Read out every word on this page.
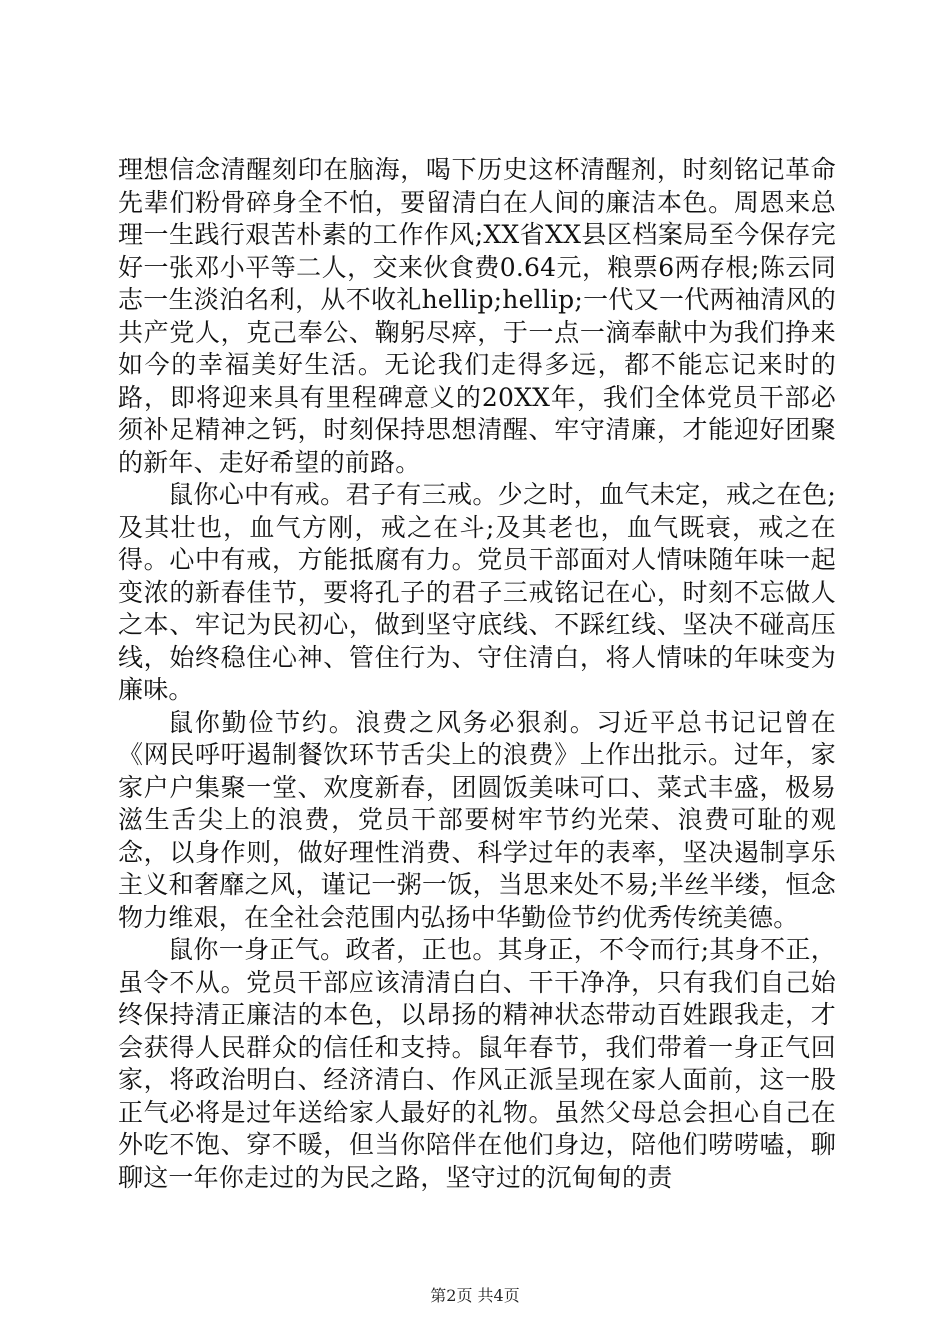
理想信念清醒刻印在脑海，喝下历史这杯清醒剂，时刻铭记革命先辈们粉骨碎身全不怕，要留清白在人间的廉洁本色。周恩来总理一生践行艰苦朴素的工作作风;XX省XX县区档案局至今保存完好一张邓小平等二人，交来伙食费0.64元，粮票6两存根;陈云同志一生淡泊名利，从不收礼hellip;hellip;一代又一代两袖清风的共产党人，克己奉公、鞠躬尽瘁，于一点一滴奉献中为我们挣来如今的幸福美好生活。无论我们走得多远，都不能忘记来时的路，即将迎来具有里程碑意义的20XX年，我们全体党员干部必须补足精神之钙，时刻保持思想清醒、牢守清廉，才能迎好团聚的新年、走好希望的前路。

鼠你心中有戒。君子有三戒。少之时，血气未定，戒之在色;及其壮也，血气方刚，戒之在斗;及其老也，血气既衰，戒之在得。心中有戒，方能抵腐有力。党员干部面对人情味随年味一起变浓的新春佳节，要将孔子的君子三戒铭记在心，时刻不忘做人之本、牢记为民初心，做到坚守底线、不踩红线、坚决不碰高压线，始终稳住心神、管住行为、守住清白，将人情味的年味变为廉味。

鼠你勤俭节约。浪费之风务必狠刹。习近平总书记记曾在《网民呼吁遏制餐饮环节舌尖上的浪费》上作出批示。过年，家家户户集聚一堂、欢度新春，团圆饭美味可口、菜式丰盛，极易滋生舌尖上的浪费，党员干部要树牢节约光荣、浪费可耻的观念，以身作则，做好理性消费、科学过年的表率，坚决遏制享乐主义和奢靡之风，谨记一粥一饭，当思来处不易;半丝半缕，恒念物力维艰，在全社会范围内弘扬中华勤俭节约优秀传统美德。

鼠你一身正气。政者，正也。其身正，不令而行;其身不正，虽令不从。党员干部应该清清白白、干干净净，只有我们自己始终保持清正廉洁的本色，以昂扬的精神状态带动百姓跟我走，才会获得人民群众的信任和支持。鼠年春节，我们带着一身正气回家，将政治明白、经济清白、作风正派呈现在家人面前，这一股正气必将是过年送给家人最好的礼物。虽然父母总会担心自己在外吃不饱、穿不暖，但当你陪伴在他们身边，陪他们唠唠嗑，聊聊这一年你走过的为民之路，坚守过的沉甸甸的责

第2页 共4页
